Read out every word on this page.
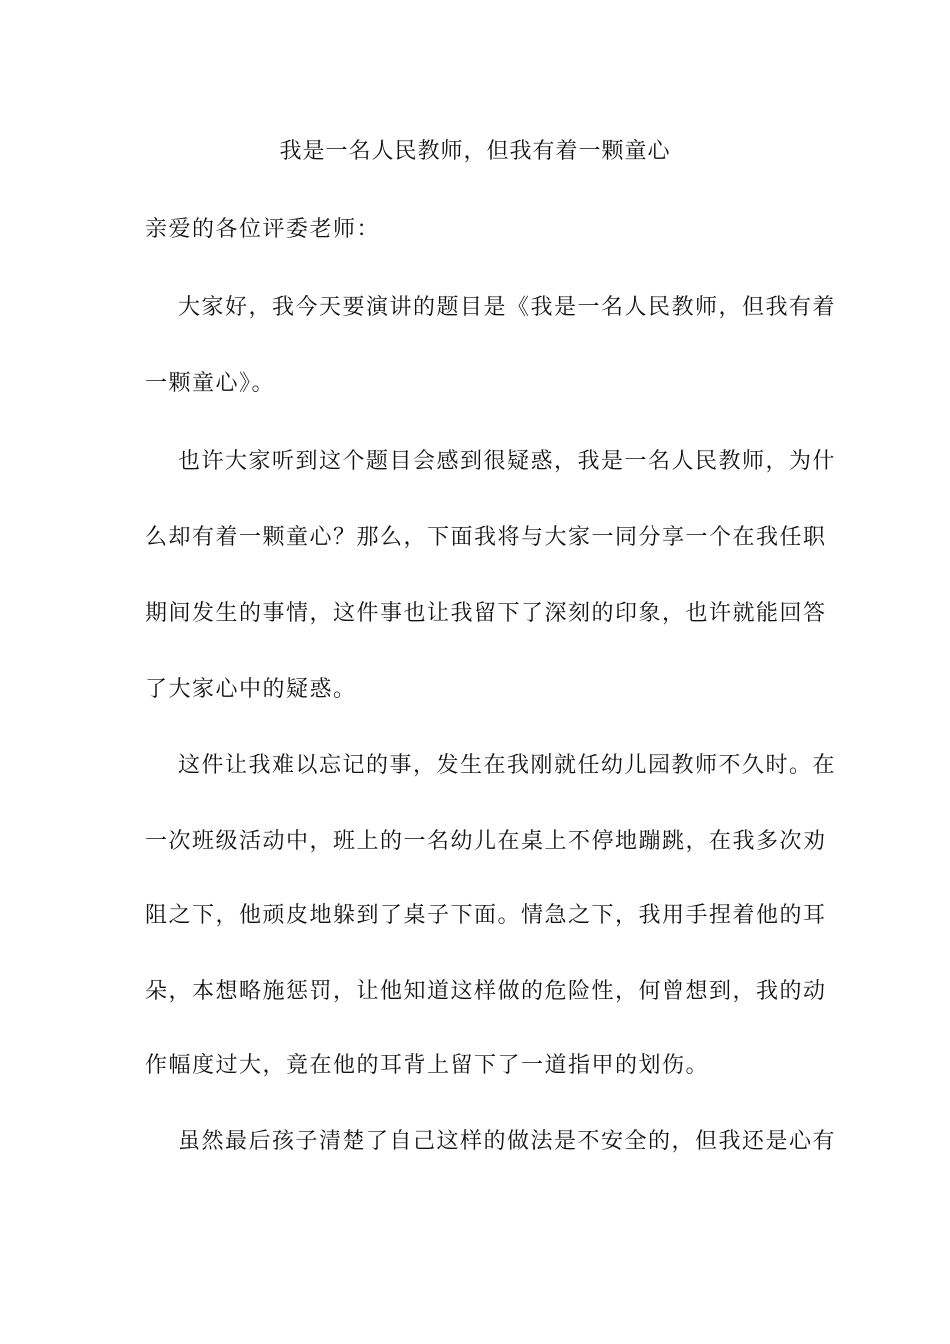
我是一名人民教师，但我有着一颗童心
亲爱的各位评委老师：
大家好，我今天要演讲的题目是《我是一名人民教师，但我有着
一颗童心》。
也许大家听到这个题目会感到很疑惑，我是一名人民教师，为什
么却有着一颗童心？那么，下面我将与大家一同分享一个在我任职
期间发生的事情，这件事也让我留下了深刻的印象，也许就能回答
了大家心中的疑惑。
这件让我难以忘记的事，发生在我刚就任幼儿园教师不久时。在
一次班级活动中，班上的一名幼儿在桌上不停地蹦跳，在我多次劝
阻之下，他顽皮地躲到了桌子下面。情急之下，我用手捏着他的耳
朵，本想略施惩罚，让他知道这样做的危险性，何曾想到，我的动
作幅度过大，竟在他的耳背上留下了一道指甲的划伤。
虽然最后孩子清楚了自己这样的做法是不安全的，但我还是心有
